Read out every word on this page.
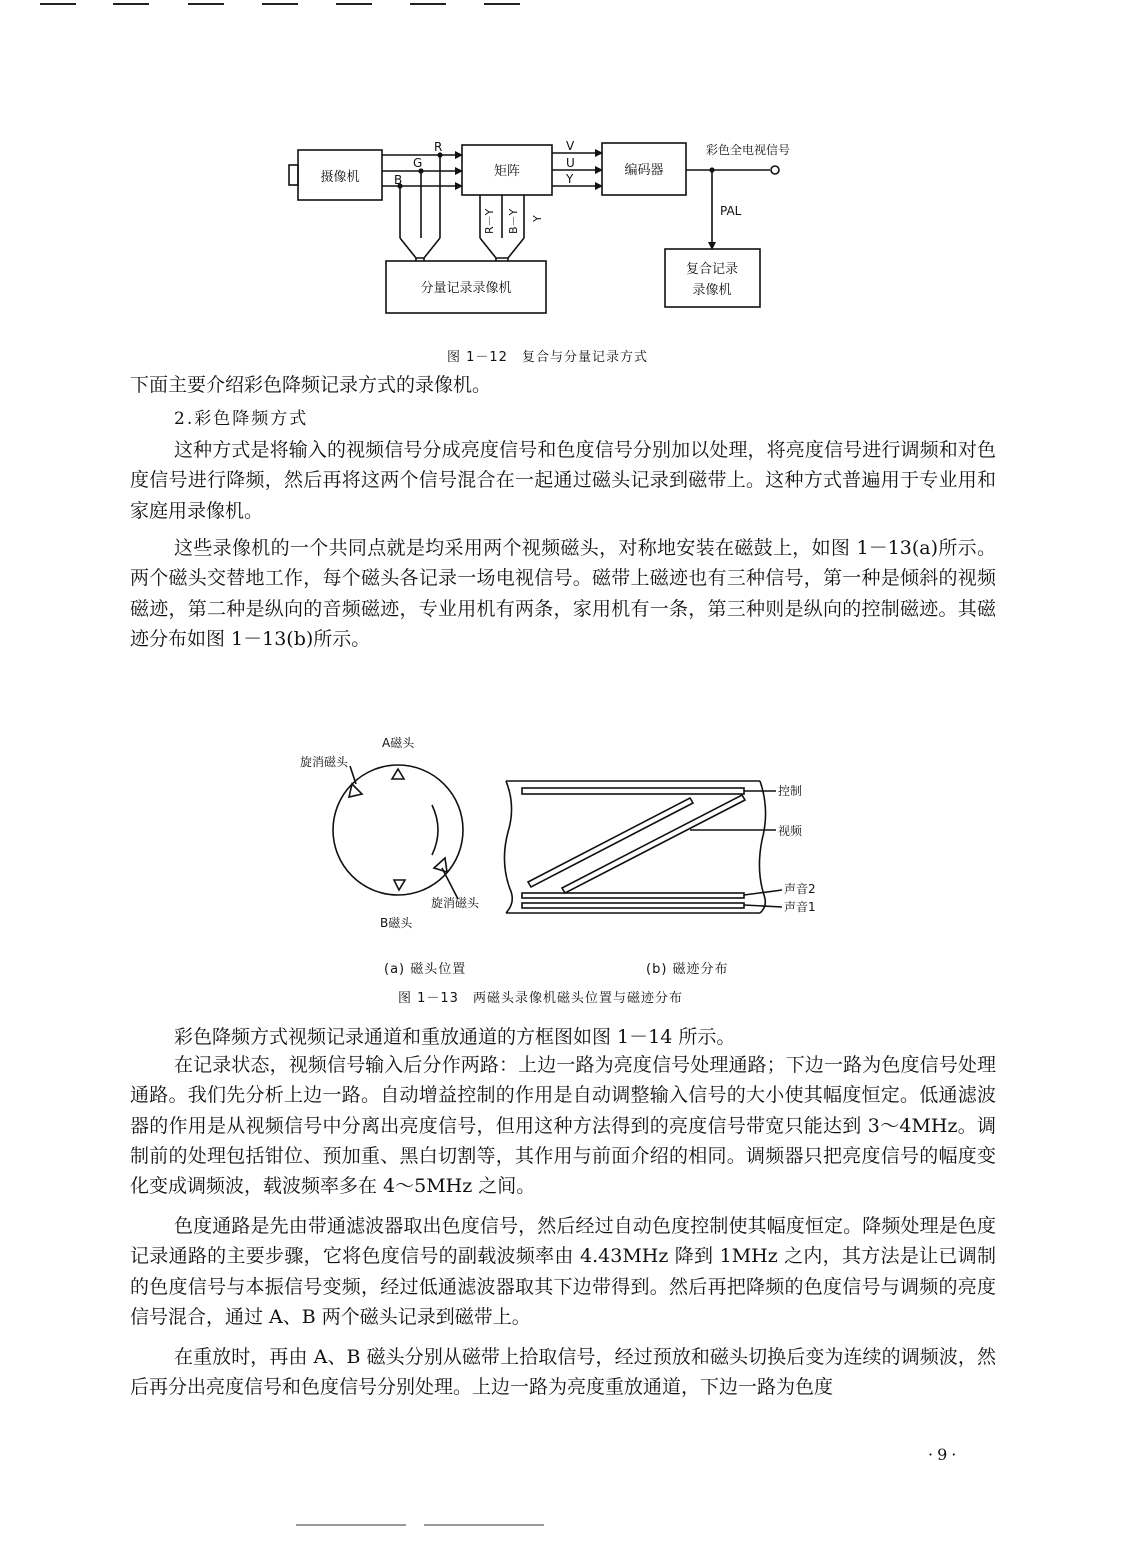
摄像机	矩阵	编码器
分量记录录像机
复合记录
录像机
彩色全电视信号
PAL
R
G
B
V
U
Y
R－Y B－Y Y
图 1－12　复合与分量记录方式

下面主要介绍彩色降频记录方式的录像机。

2.彩色降频方式

这种方式是将输入的视频信号分成亮度信号和色度信号分别加以处理，将亮度信号进行调频和对色度信号进行降频，然后再将这两个信号混合在一起通过磁头记录到磁带上。这种方式普遍用于专业用和家庭用录像机。

这些录像机的一个共同点就是均采用两个视频磁头，对称地安装在磁鼓上，如图 1－13(a)所示。两个磁头交替地工作，每个磁头各记录一场电视信号。磁带上磁迹也有三种信号，第一种是倾斜的视频磁迹，第二种是纵向的音频磁迹，专业用机有两条，家用机有一条，第三种则是纵向的控制磁迹。其磁迹分布如图 1－13(b)所示。

A磁头
B磁头
旋消磁头
旋消磁头
控制
视频
声音2
声音1
(a) 磁头位置	(b) 磁迹分布
图 1－13　两磁头录像机磁头位置与磁迹分布

彩色降频方式视频记录通道和重放通道的方框图如图 1－14 所示。

在记录状态，视频信号输入后分作两路：上边一路为亮度信号处理通路；下边一路为色度信号处理通路。我们先分析上边一路。自动增益控制的作用是自动调整输入信号的大小使其幅度恒定。低通滤波器的作用是从视频信号中分离出亮度信号，但用这种方法得到的亮度信号带宽只能达到 3～4MHz。调制前的处理包括钳位、预加重、黑白切割等，其作用与前面介绍的相同。调频器只把亮度信号的幅度变化变成调频波，载波频率多在 4～5MHz 之间。

色度通路是先由带通滤波器取出色度信号，然后经过自动色度控制使其幅度恒定。降频处理是色度记录通路的主要步骤，它将色度信号的副载波频率由 4.43MHz 降到 1MHz 之内，其方法是让已调制的色度信号与本振信号变频，经过低通滤波器取其下边带得到。然后再把降频的色度信号与调频的亮度信号混合，通过 A、B 两个磁头记录到磁带上。

在重放时，再由 A、B 磁头分别从磁带上拾取信号，经过预放和磁头切换后变为连续的调频波，然后再分出亮度信号和色度信号分别处理。上边一路为亮度重放通道，下边一路为色度

·9·
